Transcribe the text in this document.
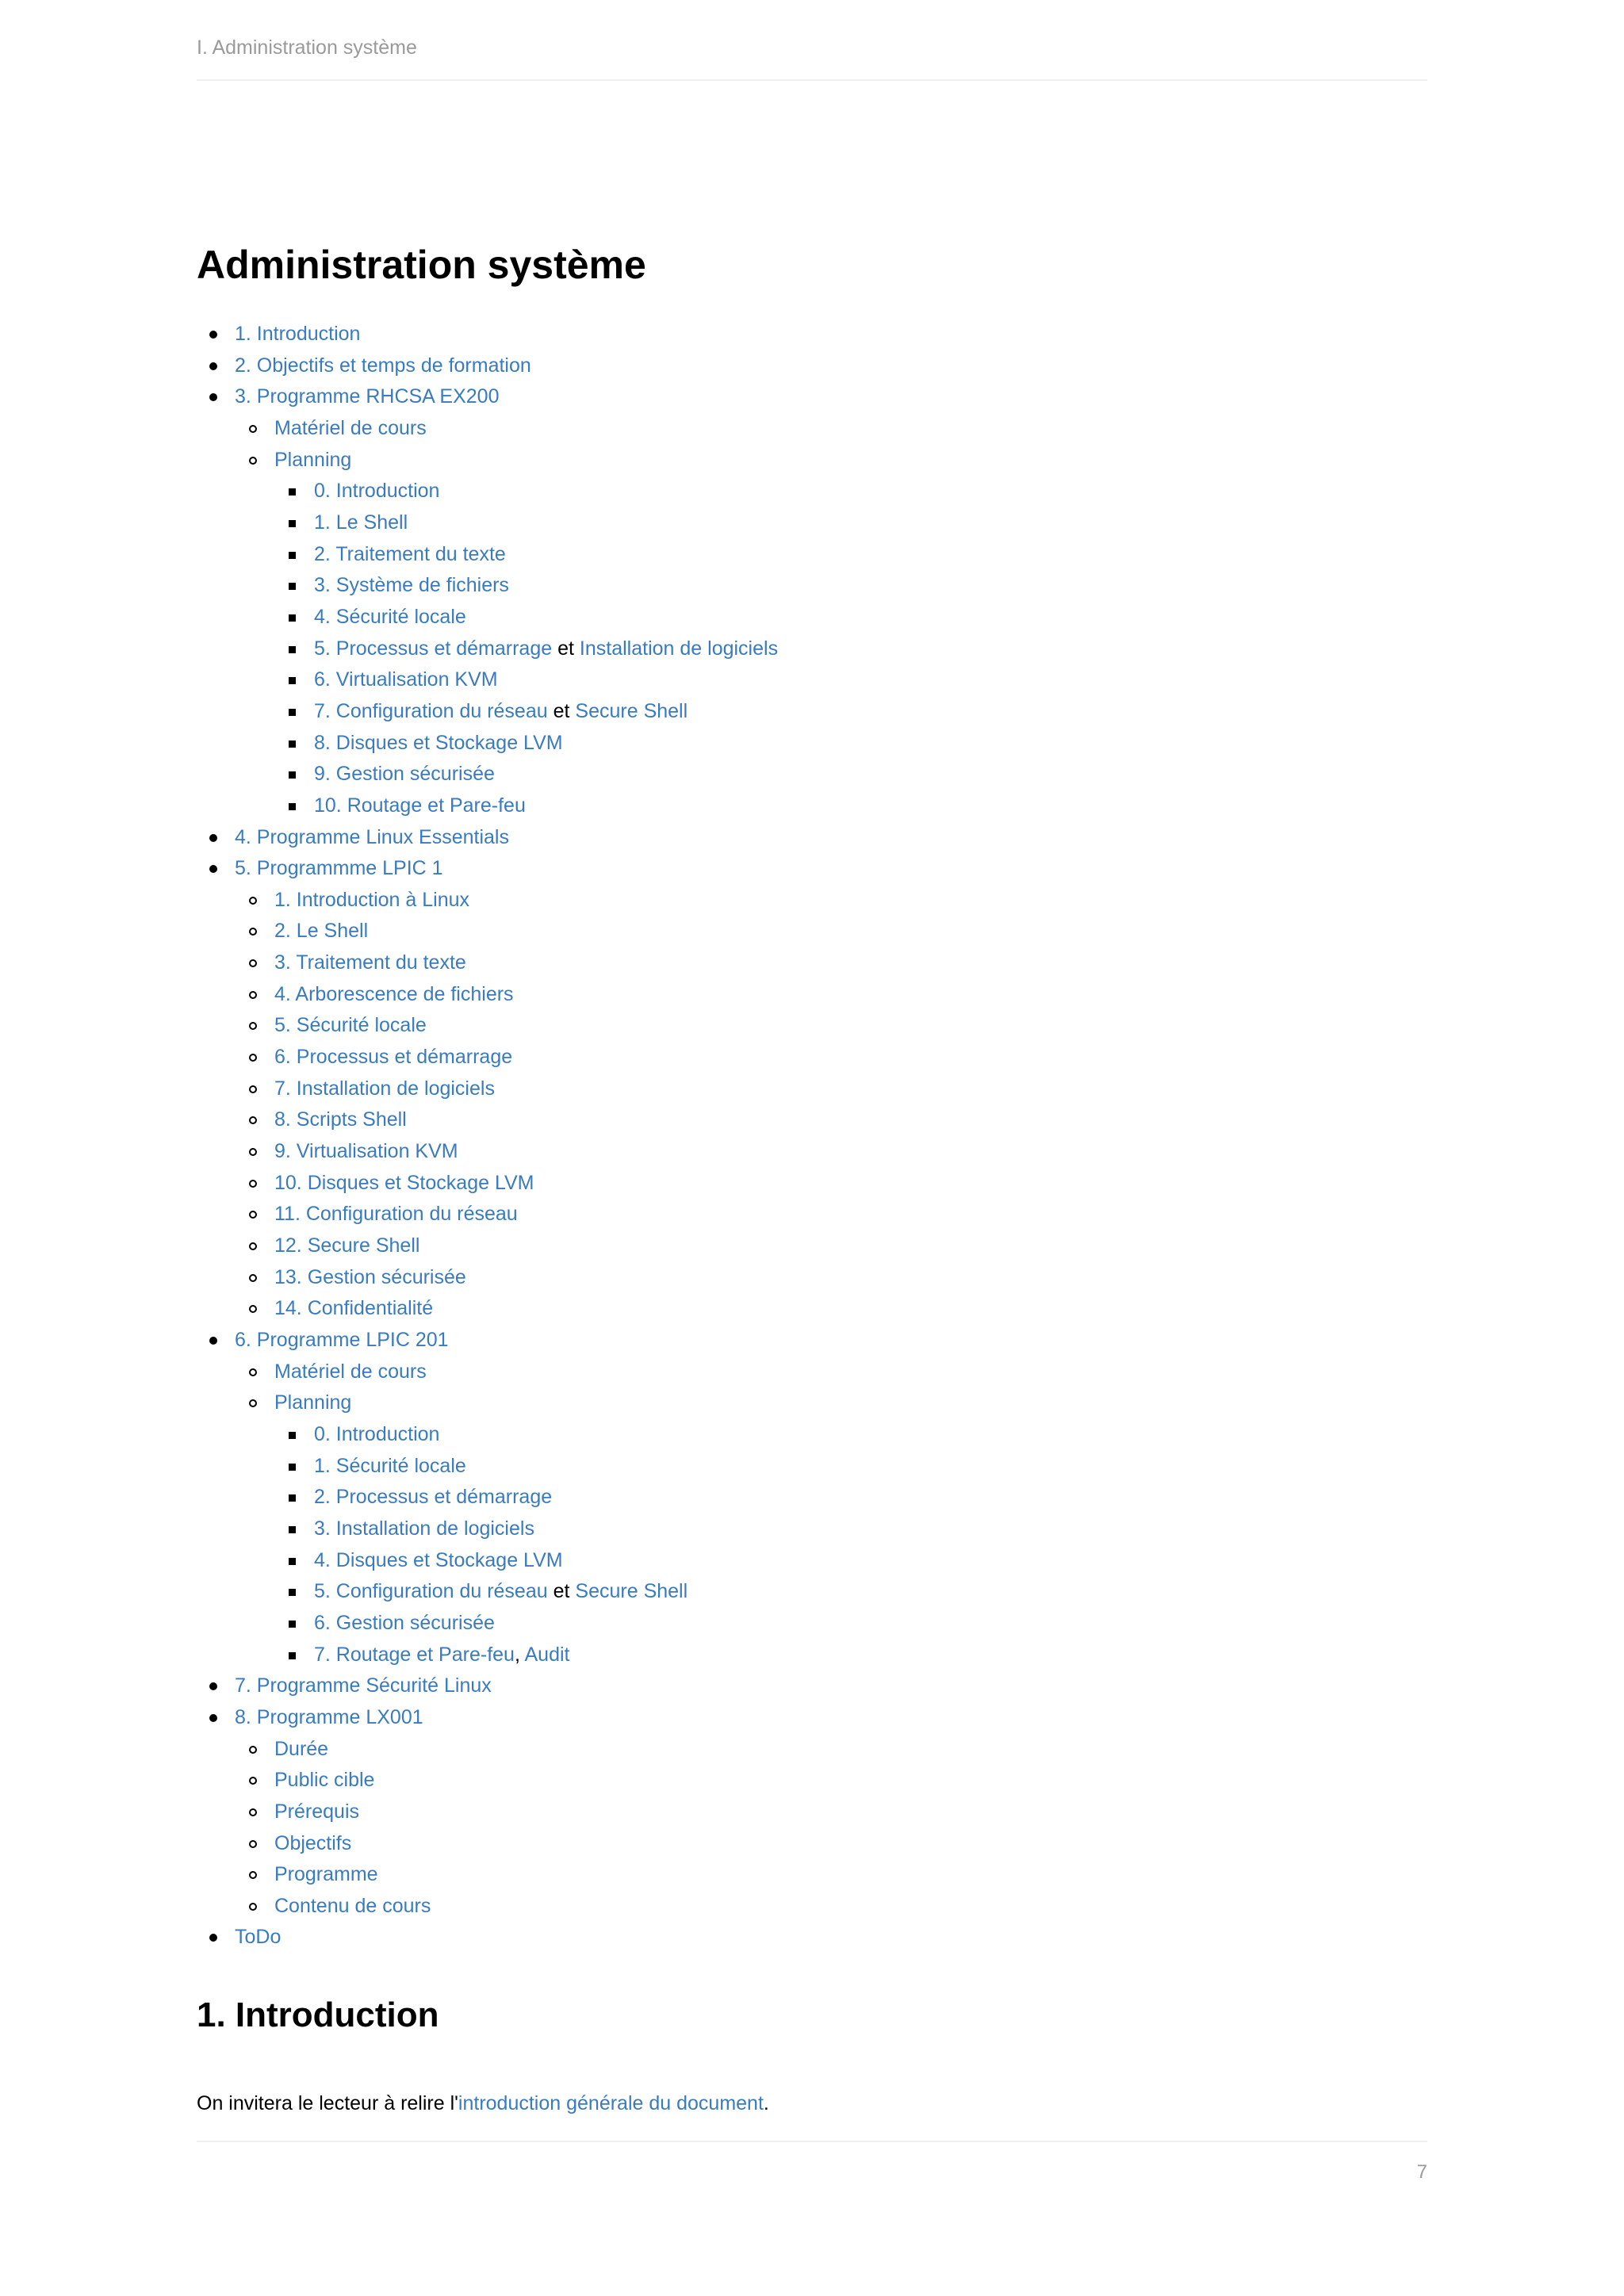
I. Administration système
Administration système
1. Introduction
2. Objectifs et temps de formation
3. Programme RHCSA EX200
Matériel de cours
Planning
0. Introduction
1. Le Shell
2. Traitement du texte
3. Système de fichiers
4. Sécurité locale
5. Processus et démarrage et Installation de logiciels
6. Virtualisation KVM
7. Configuration du réseau et Secure Shell
8. Disques et Stockage LVM
9. Gestion sécurisée
10. Routage et Pare-feu
4. Programme Linux Essentials
5. Programmme LPIC 1
1. Introduction à Linux
2. Le Shell
3. Traitement du texte
4. Arborescence de fichiers
5. Sécurité locale
6. Processus et démarrage
7. Installation de logiciels
8. Scripts Shell
9. Virtualisation KVM
10. Disques et Stockage LVM
11. Configuration du réseau
12. Secure Shell
13. Gestion sécurisée
14. Confidentialité
6. Programme LPIC 201
Matériel de cours
Planning
0. Introduction
1. Sécurité locale
2. Processus et démarrage
3. Installation de logiciels
4. Disques et Stockage LVM
5. Configuration du réseau et Secure Shell
6. Gestion sécurisée
7. Routage et Pare-feu, Audit
7. Programme Sécurité Linux
8. Programme LX001
Durée
Public cible
Prérequis
Objectifs
Programme
Contenu de cours
ToDo
1. Introduction

On invitera le lecteur à relire l'introduction générale du document.

7
